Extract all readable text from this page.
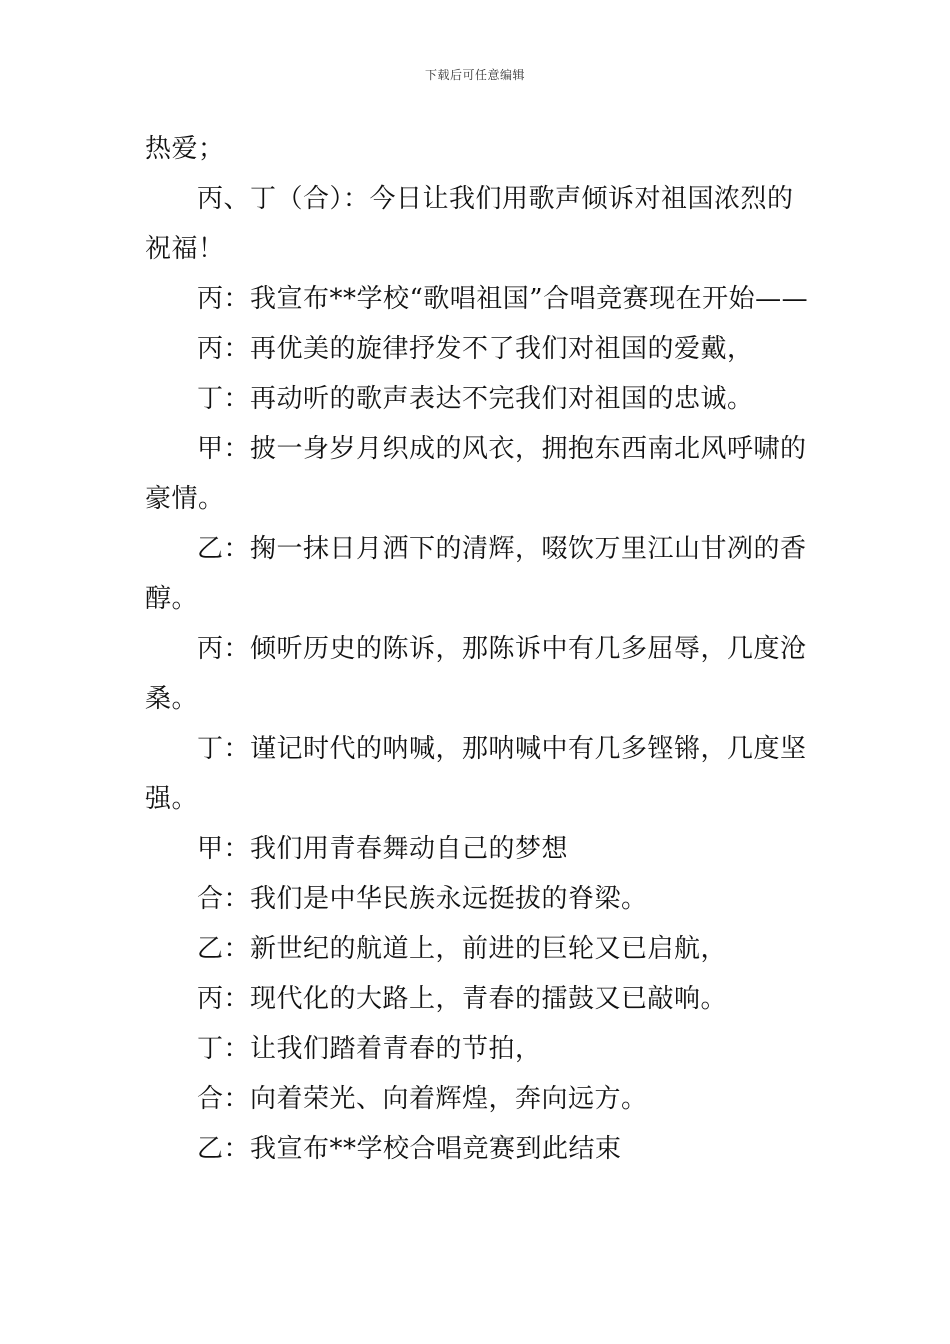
下载后可任意编辑

热爱；

丙、丁（合）：今日让我们用歌声倾诉对祖国浓烈的祝福！

丙：我宣布**学校“歌唱祖国”合唱竞赛现在开始——

丙：再优美的旋律抒发不了我们对祖国的爱戴，

丁：再动听的歌声表达不完我们对祖国的忠诚。

甲：披一身岁月织成的风衣，拥抱东西南北风呼啸的豪情。

乙：掬一抹日月洒下的清辉，啜饮万里江山甘冽的香醇。

丙：倾听历史的陈诉，那陈诉中有几多屈辱，几度沧桑。

丁：谨记时代的呐喊，那呐喊中有几多铿锵，几度坚强。

甲：我们用青春舞动自己的梦想

合：我们是中华民族永远挺拔的脊梁。

乙：新世纪的航道上，前进的巨轮又已启航，

丙：现代化的大路上，青春的擂鼓又已敲响。

丁：让我们踏着青春的节拍，

合：向着荣光、向着辉煌，奔向远方。

乙：我宣布**学校合唱竞赛到此结束
